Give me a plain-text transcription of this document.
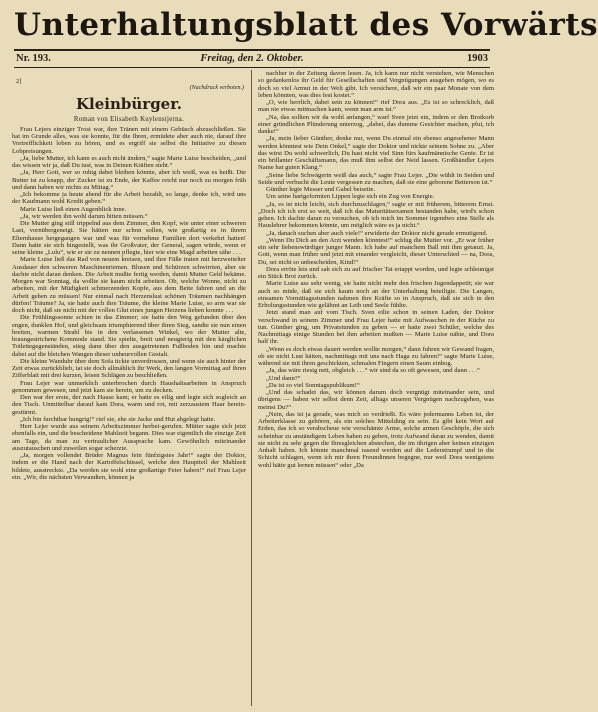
Unterhaltungsblatt des Vorwärts
Nr. 193.	Freitag, den 2. Oktober.	1903
2]
(Nachdruck verboten.)
Kleinbürger.
Roman von Elisabeth Kuylenstjerna.

Frau Lejers einziger Trost war, ihre Tränen mit einem Gebüsch abzuschließen. Sie hat im Grunde alles, was sie konnte, für die Ihren, ermüdete aber auch nie, darauf ihre Vortrefflichkeit loben zu hören, und es ergriff sie selbst die Initiative zu diesen Lobpreisungen.

„Ja, liebe Mutter, ich kann es auch nicht ändern,“ sagte Marie Luise bescheiden, „und das wissen wir ja, daß Du tust, was in Deinen Kräften steht.“

„Ja, Herr Gott, wer so ruhig dabei bleiben könnte, aber ich weiß, was es heißt. Die Butter ist zu knapp, der Zucker ist zu Ende, der Kaffee reicht nur noch zu morgen früh und dann haben wir nichts zu Mittag.“

„Ich bekomme ja heute abend für die Arbeit bezahlt, so lange, denke ich, wird uns der Kaufmann wohl Kredit geben.“

Marie Luise ließ einen Augenblick inne.

„Ja, wir werden ihn wohl darum bitten müssen.“

Die Mutter ging still trippelnd aus dem Zimmer, den Kopf, wie unter einer schweren Last, vornübergeneigt. Sie hätten nur schon sollen, wie großartig es in ihrem Elternhause hergegangen war und was für vornehme Familien dort verkehrt hatten! Dann hatte sie sich hingestellt, was ihr Großvater, der General, sagen würde, wenn er seine kleine „Lulu“, wie er sie zu nennen pflegte, hier wie eine Magd arbeiten sähe . . .

Marie Luise ließ das Rad von neuem kreisen, und ihre Füße traten mit herzweitelter Ausdauer den schweren Maschinenriemen. Blusen und Schürzen schwirrten, aber sie dachte nicht daran denken. Die Arbeit mußte fertig werden, damit Mutter Geld bekäme. Morgen war Sonntag, da wollte sie kaum nicht arbeiten. Ob, welche Wonne, nicht zu arbeiten, mit der Müdigkeit schmerzenden Kopfe, aus dem Bette fahren und an die Arbeit gehen zu müssen! Nur einmal nach Herzenslust schönen Träumen nachhängen dürfen! Träume? Ja, sie hatte auch ihre Träume, die kleine Marie Luise, so arm war sie doch nicht, daß sie nicht mit der vollen Glut eines jungen Herzens lieben konnte . . .

Die Frühlingssonne schien in das Zimmer; sie hatte den Weg gefunden über den engen, dunklen Hof, und gleichsam triumphierend über ihren Sieg, sandte sie nun einen breiten, warmen Strahl bis in den verlassenen Winkel, wo der Mutter alte, braungestrichene Kommode stand. Sie spielte, breit und neugierig mit den kärglichen Toilettegegenständen, stieg dann über den ausgetretenen Fußboden hin und machte dabei auf die bleichen Wangen dieser unheurvollen Gestalt.

Die kleine Wanduhr über dem Sofa tickte unverdrossen, und wenn sie auch hinter der Zeit etwas zurückblieb, tat sie doch allmählich ihr Werk, den langen Vormittag auf ihren Zifferblatt mit drei kurzen, leisen Schlägen zu beschließen.

Frau Lejer war unmerklich unterbrochen durch Haushaltsarbeiten in Anspruch genommen gewesen, und jetzt kam sie herein, um zu decken.

Den war der erste, der nach Hause kam; er hatte es eilig und legte sich sogleich an den Tisch. Unmittelbar darauf kam Dora, warm und rot, mit zerzaustem Haar herein-gestürmt.

„Ich bin furchtbar hungrig!“ rief sie, ehe sie Jacke und Hut abgelegt hatte.

Herr Lejer wurde aus seinem Arbeitszimmer herbei-gerufen. Mütter sagte sich jetzt ebenfalls ein, und die bescheidene Mahlzeit begann. Dies war eigentlich die einzige Zeit am Tage, da man zu vertraulicher Aussprache kam. Gewöhnlich miteinander auszutauschen und zuweilen sogar scherzte.

„Ja, morgen vollendet Brüder Magnus fein fünfzigstes Jahr!“ sagte der Doktor, indem er die Hand nach der Kartoffelschüssel, welche den Hauptteil der Mahlzeit bildete, ausstreckte. „Da werden sie wohl eine großartige Feier haben!“ rief Frau Lejer ein. „Wir, die nächsten Verwandten, können ja

nachher in der Zeitung davon lesen. Ja, ich kann nur nicht verstehen, wie Menschen so gedankenlos ihr Geld für Gesellschaften und Vergnügungen ausgeben mögen, wo es doch so viel Armut in der Welt gibt. Ich versichere, daß wir ein paar Monate von dem leben könnten, was dies fest kostet.“

„O, wie herrlich, dabei sein zu können!“ rief Dora aus. „Es ist so schrecklich, daß man nie etwas mitmachen kann, wenn man arm ist.“

„Na, das sollten wir da wohl anfangen,“ warf Sven jetzt ein, indem er den Brotkorb einer gründlichen Plünderung unterzog, „dabei, das dumme Gesichter machen, pfui, ich danke!“

„Ja, mein lieber Günther, denke nur, wenn Du einmal ein ebenso angesehener Mann werden könntest wie Dein Onkel,“ sagte der Doktor und nickte seinem Sohne zu. „Aber das wirst Du wohl schwerlich, Du hast nicht viel Sinn fürs kaufmännische Genie. Er ist ein brillanter Geschäftsmann, das muß ihm selbst der Neid lassen. Großhändler Lejers Name hat guten Klang.“

„Seine liebe Schwägerin weiß das auch,“ sagte Frau Lejer. „Die wühlt in Seiden und Seide und verbucht die Leute vergessen zu machen, daß sie eine geborene Betterson ist.“

Günther legte Messer und Gabel beiseite.

Um seine hartgeformten Lippen legte sich ein Zug von Energie.

„Ja, es ist nicht leicht, sich durchzuschlagen,“ sagte er mit früherem, bitterem Ernst. „Doch ich ich erst so weit, daß ich das Maturitätsexamen bestanden habe, wird's schon gehen. Ich dachte daran zu versuchen, ob ich mich im Sommer irgendwo eine Stelle als Hauslehrer bekommen könnte, um möglich wäre es ja nicht.“

„Ja, danach suchen aber auch viele!“ erwiderte der Doktor nicht gerade ermutigend.

„Wenn Du Dich an den Arzt wenden könntest!“ schlug die Mutter vor. „Er war früher ein sehr liebenswürdiger junger Mann. Ich habe auf manchem Ball mit ihm getanzt. Ja, Gott, wenn man früher und jetzt mit einander vergleicht, dieser Unterschied — na, Dora, Du, sei nicht so unbescheiden, Kind!“

Dora erröte leis und sah sich zu auf frischer Tat ertappt worden, und legte schleunigst ein Stück Brot zurück.

Marie Luise ass sehr wenig, sie hatte nicht mehr den frischen Jugendappetit; sie war auch so müde, daß sie sich kaum noch an der Unterhaltung beteiligte. Die Langen, einsamen Vormittagsstunden nahmen ihre Kräfte so in Anspruch, daß sie sich in den Erholungsstunden wie gelähmt an Leib und Seele fühlte.

Jetzt stand man auf vom Tisch. Sven eilte schon in seinen Laden, der Doktor verschwand in seinem Zimmer und Frau Lejer hatte mit Aufwaschen in der Küche zu tun. Günther ging, um Privatstunden zu geben — er hatte zwei Schüler, welche des Nachmittags einige Stunden bei ihm arbeiten mußten — Marie Luise nähte, und Dora half ihr.

„Wenn es doch etwas dauert werden wollte morgen,“ dann fuhren wir Gewand fragen, ob sie nicht Lust hätten, nachmittags mit uns nach Haga zu fahren!“ sagte Marie Luise, während sie mit ihren geschickten, schmalen Fingern einen Saum einbog.

„Ja, das wäre riesig nett, obgleich . . .“ wir sind da so oft gewesen, und dann . . .“

„Und dann?“

„Da ist so viel Sonntagspublikum!“

„Und das schadet das, wir können darum doch vergnügt miteinander sein, und übrigens — haben wir selbst denn Zeit, alltags unseren Vergnügen nachzugehen, was meinst Du?“

„Nein, das ist ja gerade, was mich so verdrießt. Es wäre jedermanns Leben ist, der Arbeiterklasse zu gehören, als ein solches Mittelding zu sein. Es gibt kein Wort auf Erden, das ich so verabscheue wie verschämte Arme, solche armen Geschöpfe, die sich scheinbar zu anständigem Leben haben zu geben, trotz Aufwand daran zu wenden, damit sie nicht zu sehr gegen die Ihresgleichen abstechen, die im übrigen aber keinen einzigen Anhalt haben. Ich könnte manchmal rasend werden auf die Lederstrumpf und in die Schicht schlagen, wenn ich mir ihren Freundinnen begegne, nur weil Dora wenigstens wohl hätte gut lernen müssen“ oder „Da
